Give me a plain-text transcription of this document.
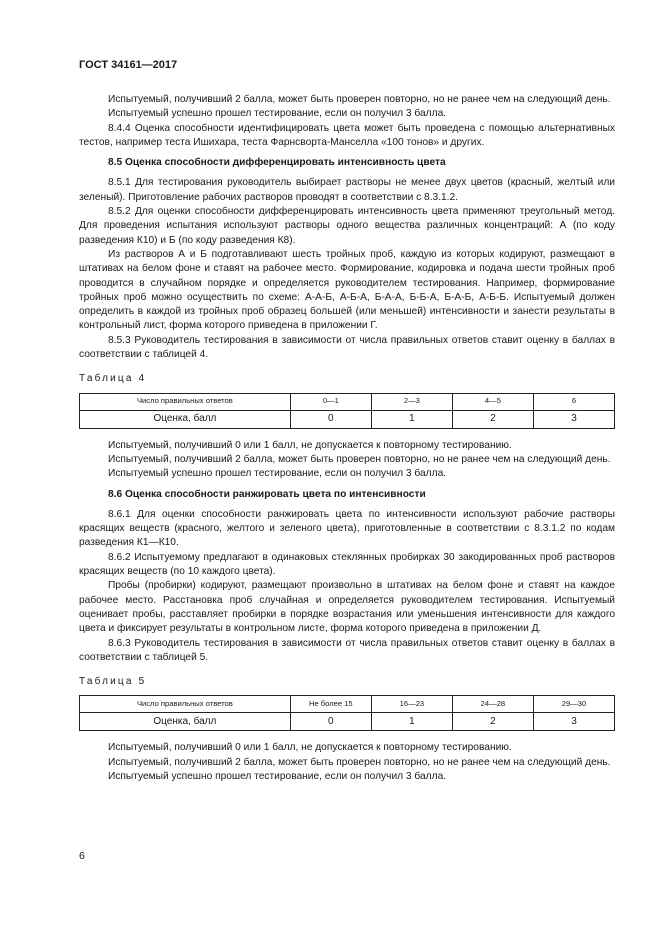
ГОСТ 34161—2017

Испытуемый, получивший 2 балла, может быть проверен повторно, но не ранее чем на следующий день.

Испытуемый успешно прошел тестирование, если он получил 3 балла.

8.4.4 Оценка способности идентифицировать цвета может быть проведена с помощью альтернативных тестов, например теста Ишихара, теста Фарнсворта-Манселла «100 тонов» и других.

8.5 Оценка способности дифференцировать интенсивность цвета

8.5.1 Для тестирования руководитель выбирает растворы не менее двух цветов (красный, желтый или зеленый). Приготовление рабочих растворов проводят в соответствии с 8.3.1.2.

8.5.2 Для оценки способности дифференцировать интенсивность цвета применяют треугольный метод. Для проведения испытания используют растворы одного вещества различных концентраций: А (по коду разведения К10) и Б (по коду разведения К8).

Из растворов А и Б подготавливают шесть тройных проб, каждую из которых кодируют, размещают в штативах на белом фоне и ставят на рабочее место. Формирование, кодировка и подача шести тройных проб проводится в случайном порядке и определяется руководителем тестирования. Например, формирование тройных проб можно осуществить по схеме: А-А-Б, А-Б-А, Б-А-А, Б-Б-А, Б-А-Б, А-Б-Б. Испытуемый должен определить в каждой из тройных проб образец большей (или меньшей) интенсивности и занести результаты в контрольный лист, форма которого приведена в приложении Г.

8.5.3 Руководитель тестирования в зависимости от числа правильных ответов ставит оценку в баллах в соответствии с таблицей 4.

Таблица 4

Число правильных ответов	0—1	2—3	4—5	6
Оценка, балл	0	1	2	3

Испытуемый, получивший 0 или 1 балл, не допускается к повторному тестированию.

Испытуемый, получивший 2 балла, может быть проверен повторно, но не ранее чем на следующий день.

Испытуемый успешно прошел тестирование, если он получил 3 балла.

8.6 Оценка способности ранжировать цвета по интенсивности

8.6.1 Для оценки способности ранжировать цвета по интенсивности используют рабочие растворы красящих веществ (красного, желтого и зеленого цвета), приготовленные в соответствии с 8.3.1.2 по кодам разведения К1—К10.

8.6.2 Испытуемому предлагают в одинаковых стеклянных пробирках 30 закодированных проб растворов красящих веществ (по 10 каждого цвета).

Пробы (пробирки) кодируют, размещают произвольно в штативах на белом фоне и ставят на каждое рабочее место. Расстановка проб случайная и определяется руководителем тестирования. Испытуемый оценивает пробы, расставляет пробирки в порядке возрастания или уменьшения интенсивности для каждого цвета и фиксирует результаты в контрольном листе, форма которого приведена в приложении Д.

8.6.3 Руководитель тестирования в зависимости от числа правильных ответов ставит оценку в баллах в соответствии с таблицей 5.

Таблица 5

Число правильных ответов	Не более 15	16—23	24—28	29—30
Оценка, балл	0	1	2	3

Испытуемый, получивший 0 или 1 балл, не допускается к повторному тестированию.

Испытуемый, получивший 2 балла, может быть проверен повторно, но не ранее чем на следующий день.

Испытуемый успешно прошел тестирование, если он получил 3 балла.

6
